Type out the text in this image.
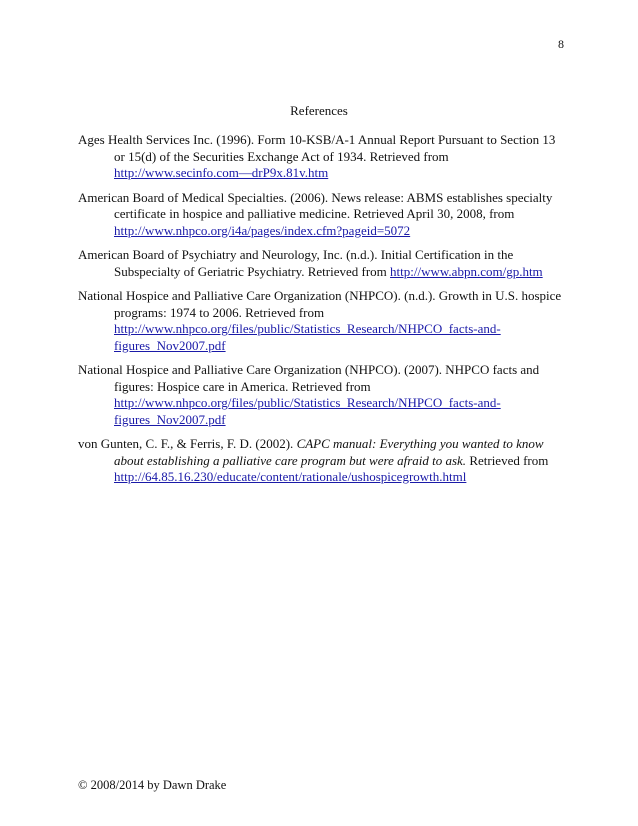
8
References

Ages Health Services Inc. (1996). Form 10-KSB/A-1 Annual Report Pursuant to Section 13 or 15(d) of the Securities Exchange Act of 1934. Retrieved from http://www.secinfo.com—drP9x.81v.htm

American Board of Medical Specialties. (2006). News release: ABMS establishes specialty certificate in hospice and palliative medicine. Retrieved April 30, 2008, from http://www.nhpco.org/i4a/pages/index.cfm?pageid=5072

American Board of Psychiatry and Neurology, Inc. (n.d.). Initial Certification in the Subspecialty of Geriatric Psychiatry. Retrieved from http://www.abpn.com/gp.htm

National Hospice and Palliative Care Organization (NHPCO). (n.d.). Growth in U.S. hospice programs: 1974 to 2006. Retrieved from http://www.nhpco.org/files/public/Statistics_Research/NHPCO_facts-and-figures_Nov2007.pdf

National Hospice and Palliative Care Organization (NHPCO). (2007). NHPCO facts and figures: Hospice care in America. Retrieved from http://www.nhpco.org/files/public/Statistics_Research/NHPCO_facts-and-figures_Nov2007.pdf

von Gunten, C. F., & Ferris, F. D. (2002). CAPC manual: Everything you wanted to know about establishing a palliative care program but were afraid to ask. Retrieved from http://64.85.16.230/educate/content/rationale/ushospicegrowth.html

© 2008/2014 by Dawn Drake
